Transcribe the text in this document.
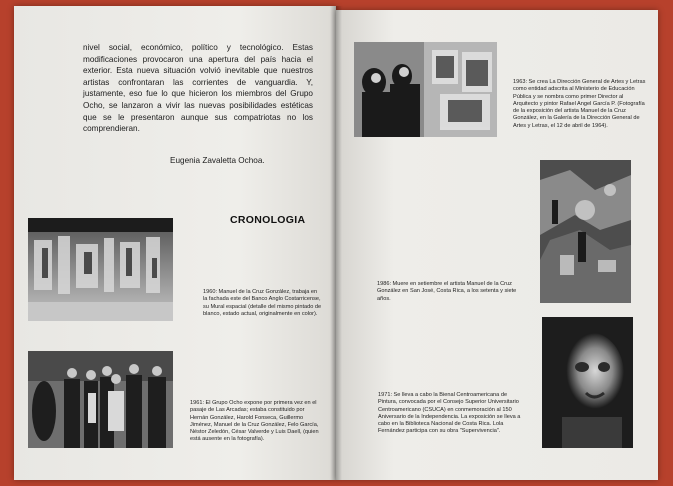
nivel social, económico, político y tecnológico. Estas modificaciones provocaron una apertura del país hacia el exterior. Esta nueva situación volvió inevitable que nuestros artistas confrontaran las corrientes de vanguardia. Y, justamente, eso fue lo que hicieron los miembros del Grupo Ocho, se lanzaron a vivir las nuevas posibilidades estéticas que se le presentaron aunque sus compatriotas no los comprendieran.

Eugenia Zavaletta Ochoa.

CRONOLOGIA

1960: Manuel de la Cruz González, trabaja en la fachada este del Banco Anglo Costarricense, su Mural espacial (detalle del mismo pintado de blanco, estado actual, originalmente en color).

1961: El Grupo Ocho expone por primera vez en el pasaje de Las Arcadas; estaba constituido por Hernán González, Harold Fonseca, Guillermo Jiménez, Manuel de la Cruz González, Felo García, Néstor Zeledón, César Valverde y Luis Daell, (quien está ausente en la fotografía).

1963: Se crea La Dirección General de Artes y Letras como entidad adscrita al Ministerio de Educación Pública y se nombra como primer Director al Arquitecto y pintor Rafael Angel García P. (Fotografía de la exposición del artista Manuel de la Cruz González, en la Galería de la Dirección General de Artes y Letras, el 12 de abril de 1964).

1986: Muere en setiembre el artista Manuel de la Cruz González en San José, Costa Rica, a los setenta y siete años.

1971: Se lleva a cabo la Bienal Centroamericana de Pintura, convocada por el Consejo Superior Universitario Centroamericano (CSUCA) en conmemoración al 150 Aniversario de la Independencia. La exposición se lleva a cabo en la Biblioteca Nacional de Costa Rica. Lola Fernández participa con su obra "Supervivencia".
